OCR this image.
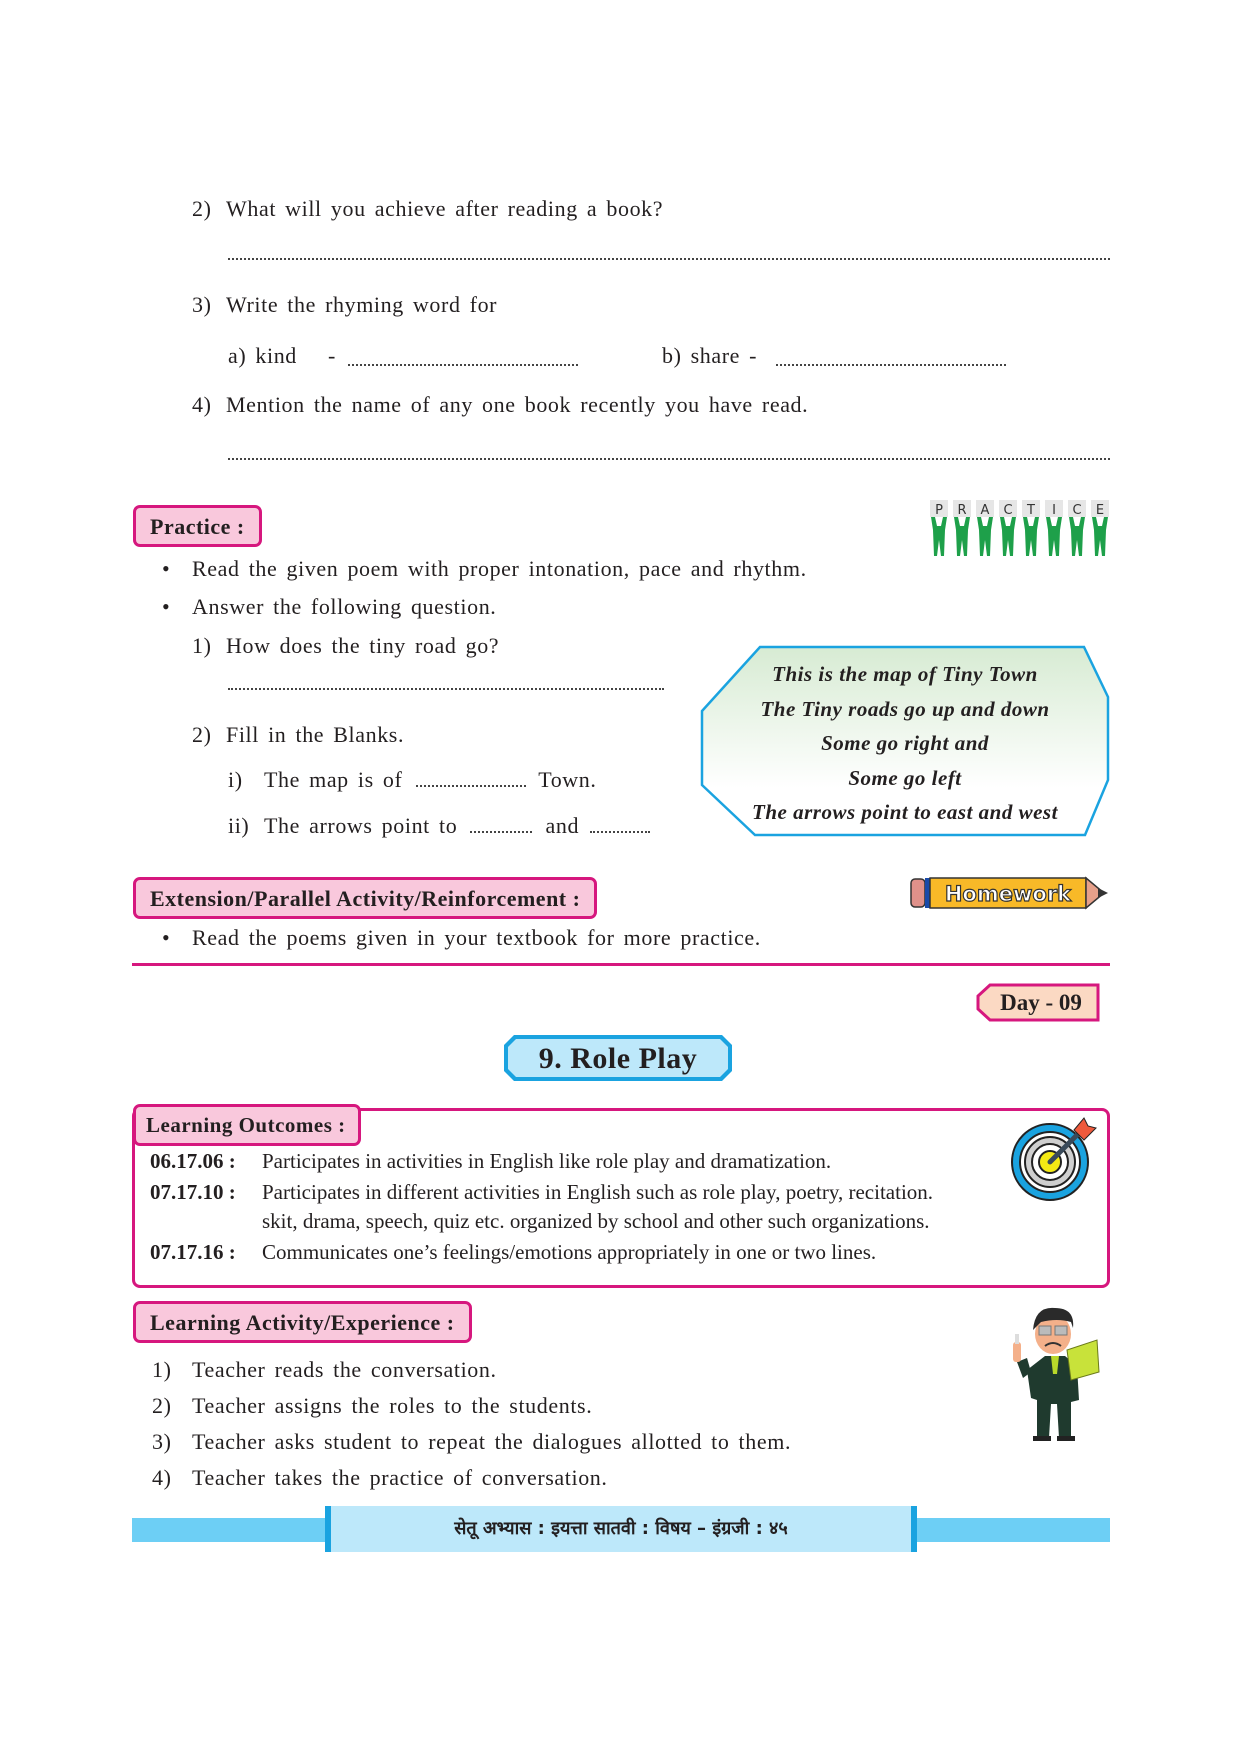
2) What will you achieve after reading a book?
3) Write the rhyming word for
a) kind -	b) share -
4) Mention the name of any one book recently you have read.
Practice :
P R A C T I C E
• Read the given poem with proper intonation, pace and rhythm.
• Answer the following question.
1) How does the tiny road go?
2) Fill in the Blanks.
i) The map is of	Town.
ii) The arrows point to	and
This is the map of Tiny Town
The Tiny roads go up and down
Some go right and
Some go left
The arrows point to east and west
Extension/Parallel Activity/Reinforcement :	Homework
• Read the poems given in your textbook for more practice.
Day - 09
9. Role Play
Learning Outcomes :
06.17.06 : Participates in activities in English like role play and dramatization.
07.17.10 : Participates in different activities in English such as role play, poetry, recitation.
skit, drama, speech, quiz etc. organized by school and other such organizations.
07.17.16 : Communicates one’s feelings/emotions appropriately in one or two lines.
Learning Activity/Experience :
1) Teacher reads the conversation.
2) Teacher assigns the roles to the students.
3) Teacher asks student to repeat the dialogues allotted to them.
4) Teacher takes the practice of conversation.
सेतू अभ्यास : इयत्ता सातवी : विषय – इंग्रजी : ४५
